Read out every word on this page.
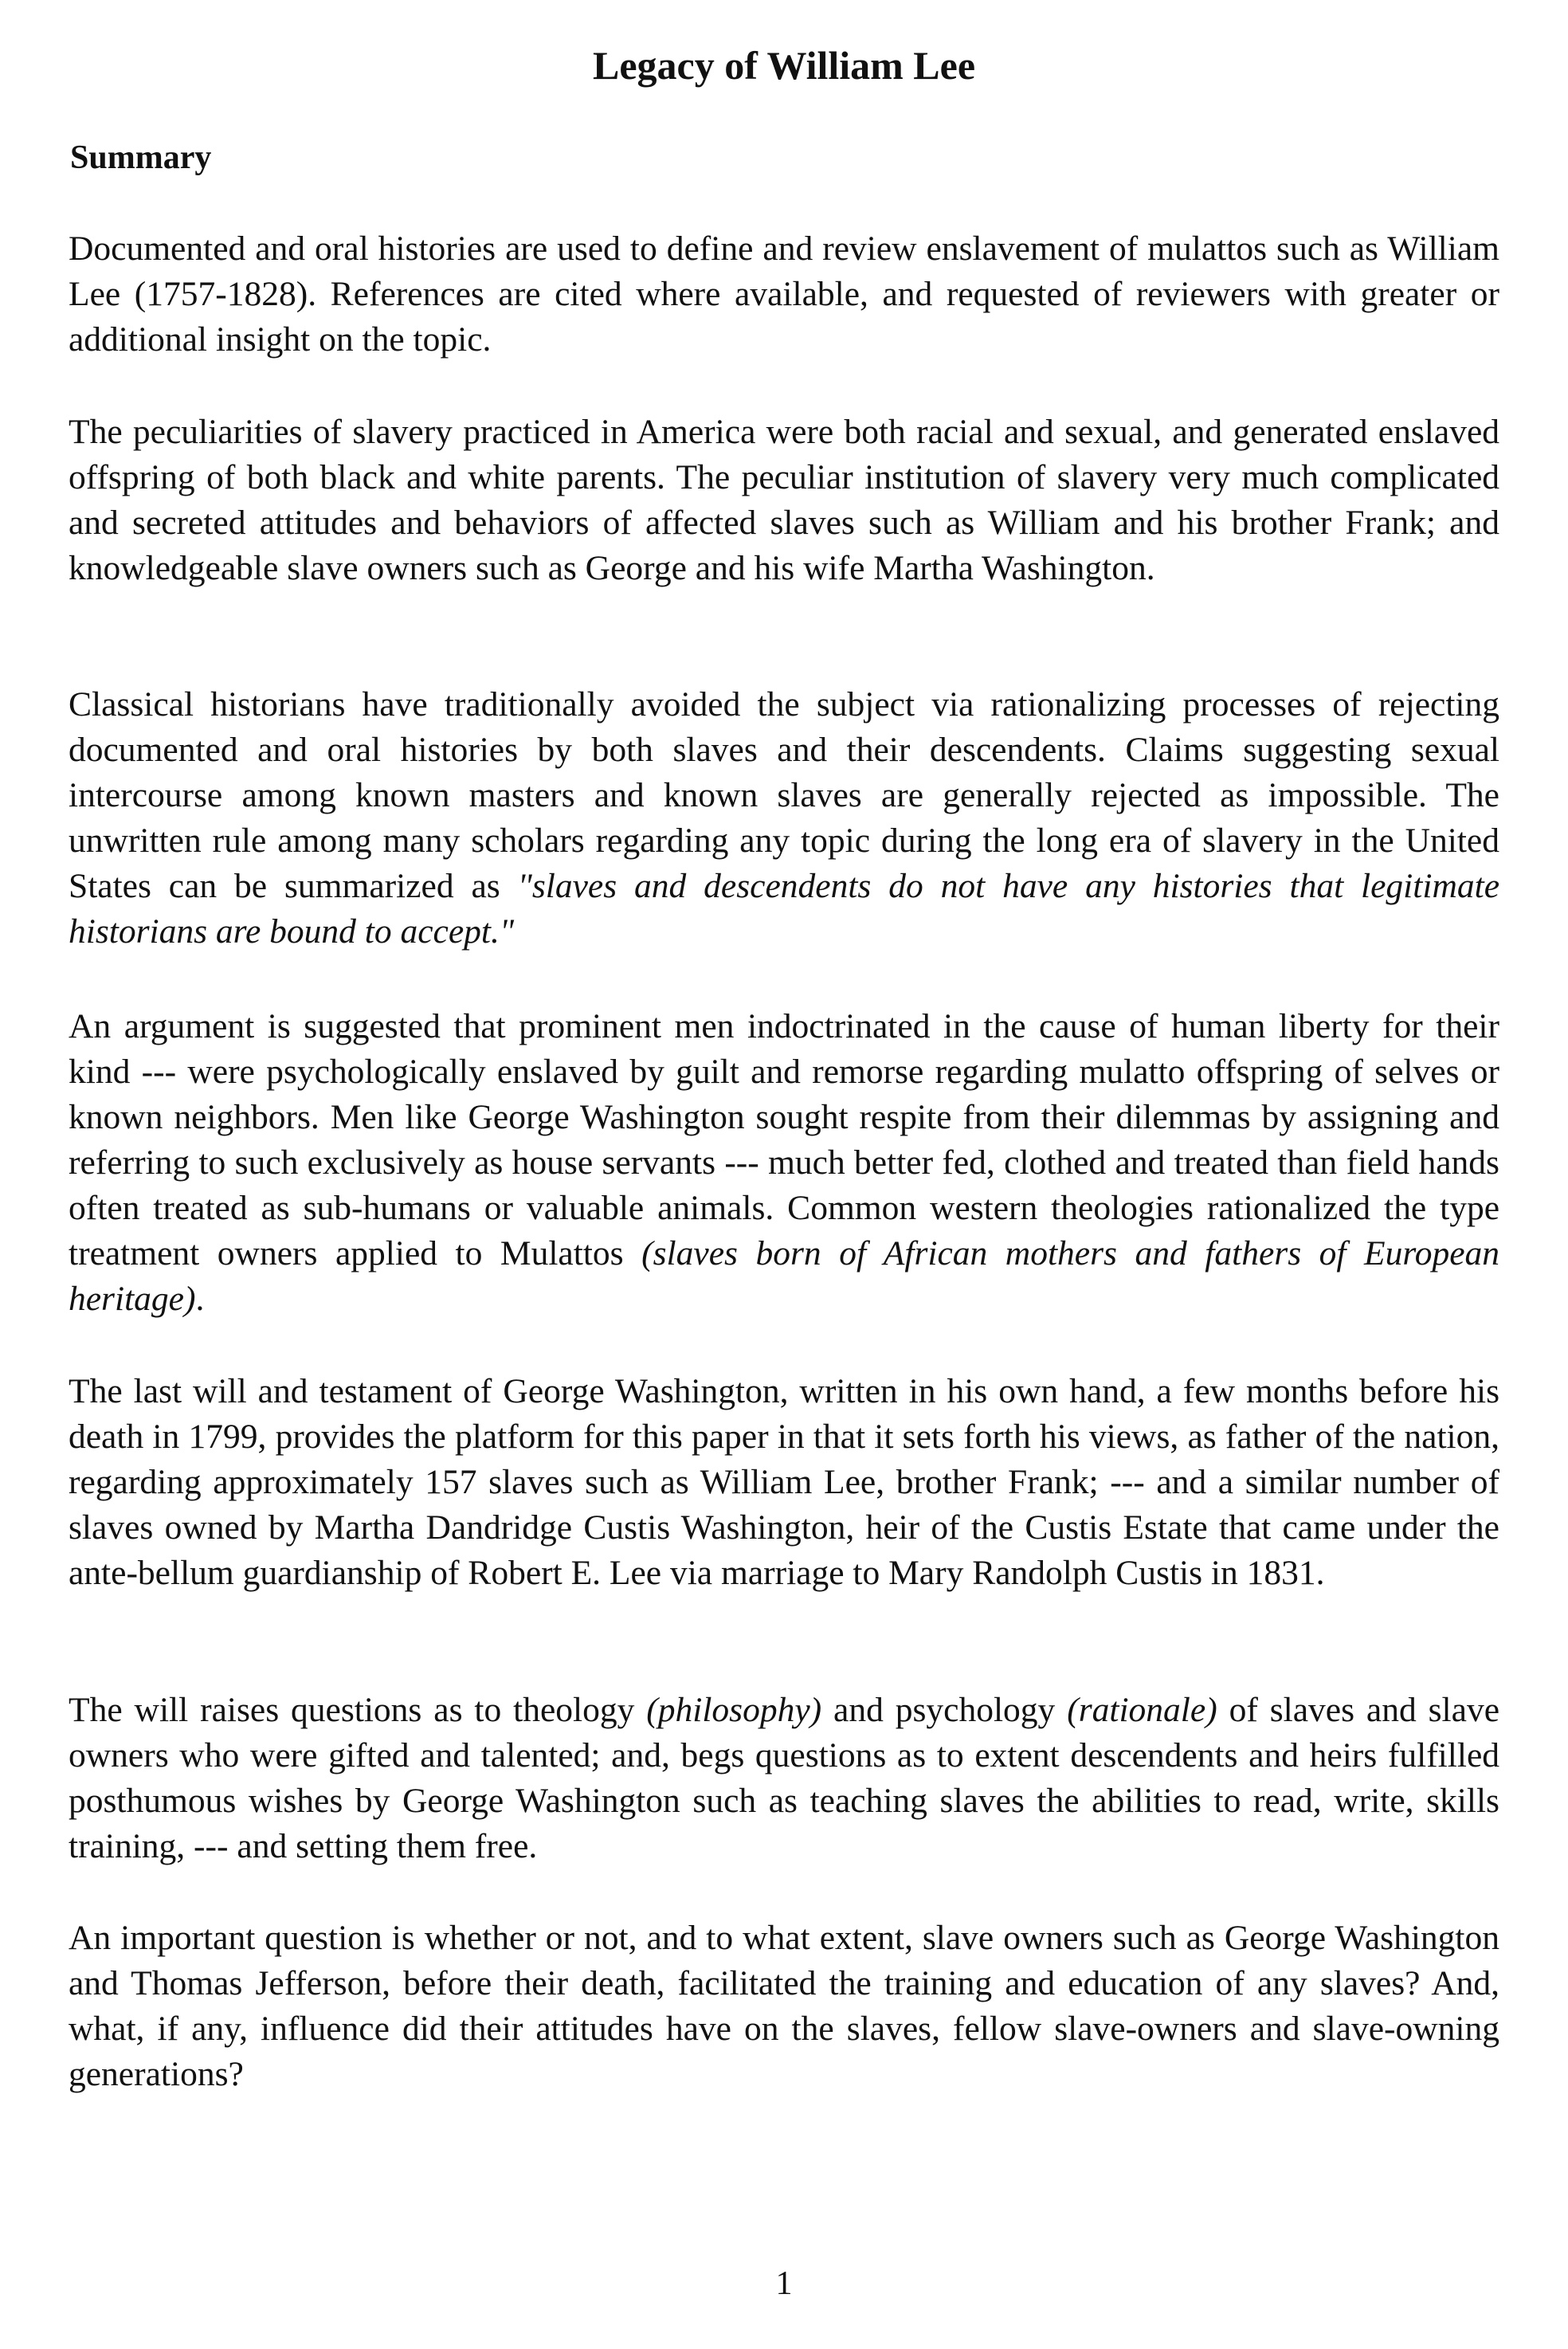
Legacy of William Lee
Summary

Documented and oral histories are used to define and review enslavement of mulattos such as William Lee (1757-1828). References are cited where available, and requested of reviewers with greater or additional insight on the topic.

The peculiarities of slavery practiced in America were both racial and sexual, and generated enslaved offspring of both black and white parents. The peculiar institution of slavery very much complicated and secreted attitudes and behaviors of affected slaves such as William and his brother Frank; and knowledgeable slave owners such as George and his wife Martha Washington.

Classical historians have traditionally avoided the subject via rationalizing processes of rejecting documented and oral histories by both slaves and their descendents. Claims suggesting sexual intercourse among known masters and known slaves are generally rejected as impossible. The unwritten rule among many scholars regarding any topic during the long era of slavery in the United States can be summarized as "slaves and descendents do not have any histories that legitimate historians are bound to accept."

An argument is suggested that prominent men indoctrinated in the cause of human liberty for their kind --- were psychologically enslaved by guilt and remorse regarding mulatto offspring of selves or known neighbors. Men like George Washington sought respite from their dilemmas by assigning and referring to such exclusively as house servants --- much better fed, clothed and treated than field hands often treated as sub-humans or valuable animals. Common western theologies rationalized the type treatment owners applied to Mulattos (slaves born of African mothers and fathers of European heritage).

The last will and testament of George Washington, written in his own hand, a few months before his death in 1799, provides the platform for this paper in that it sets forth his views, as father of the nation, regarding approximately 157 slaves such as William Lee, brother Frank; --- and a similar number of slaves owned by Martha Dandridge Custis Washington, heir of the Custis Estate that came under the ante-bellum guardianship of Robert E. Lee via marriage to Mary Randolph Custis in 1831.

The will raises questions as to theology (philosophy) and psychology (rationale) of slaves and slave owners who were gifted and talented; and, begs questions as to extent descendents and heirs fulfilled posthumous wishes by George Washington such as teaching slaves the abilities to read, write, skills training, --- and setting them free.

An important question is whether or not, and to what extent, slave owners such as George Washington and Thomas Jefferson, before their death, facilitated the training and education of any slaves? And, what, if any, influence did their attitudes have on the slaves, fellow slave-owners and slave-owning generations?

1
